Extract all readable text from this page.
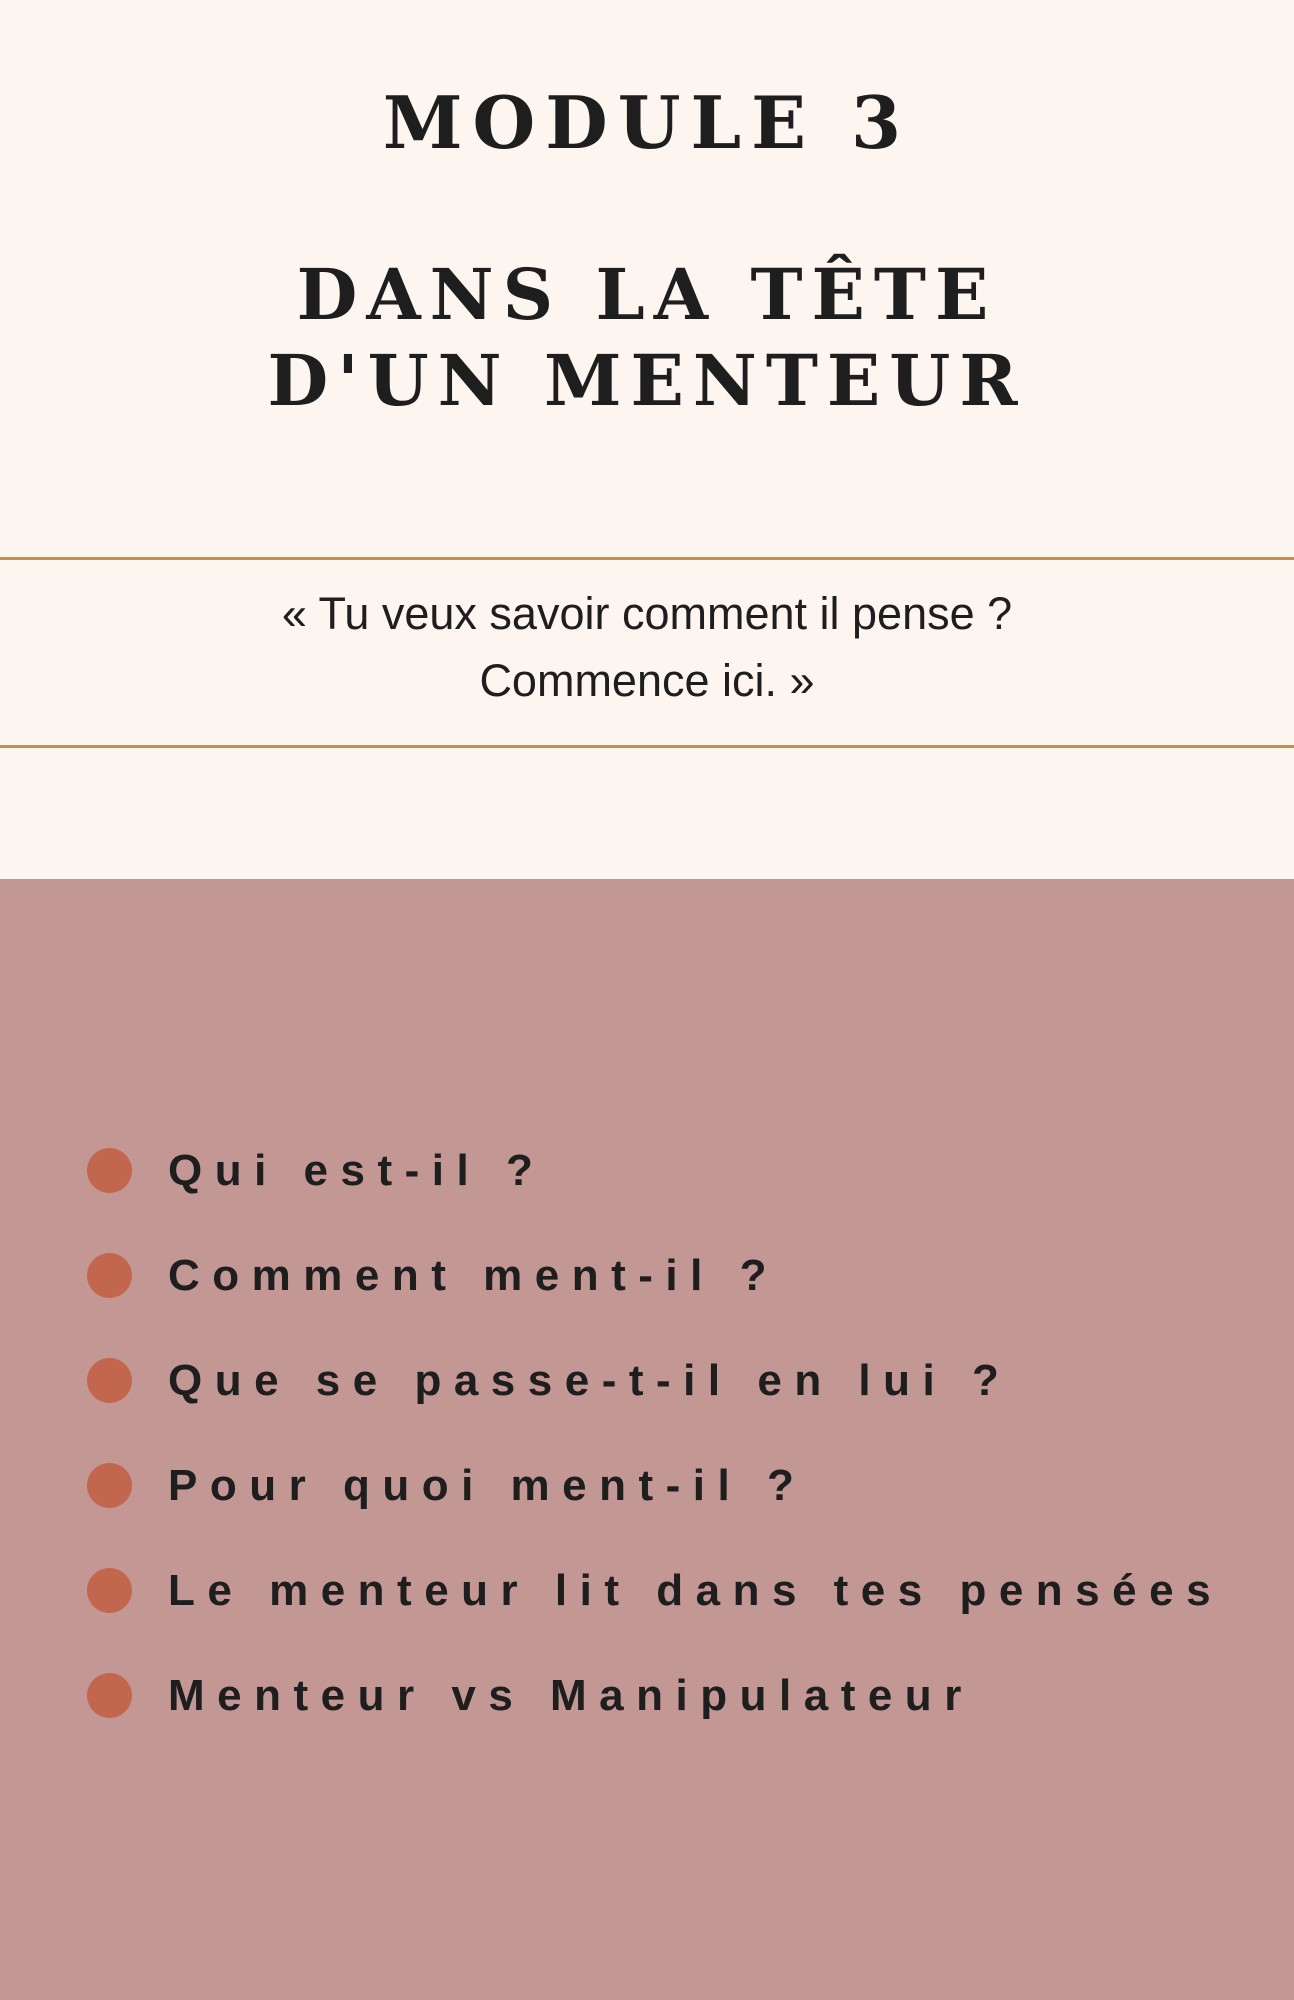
MODULE 3
DANS LA TÊTE
D'UN MENTEUR
« Tu veux savoir comment il pense ?
Commence ici. »
Qui est-il ?
Comment ment-il ?
Que se passe-t-il en lui ?
Pour quoi ment-il ?
Le menteur lit dans tes pensées
Menteur vs Manipulateur
